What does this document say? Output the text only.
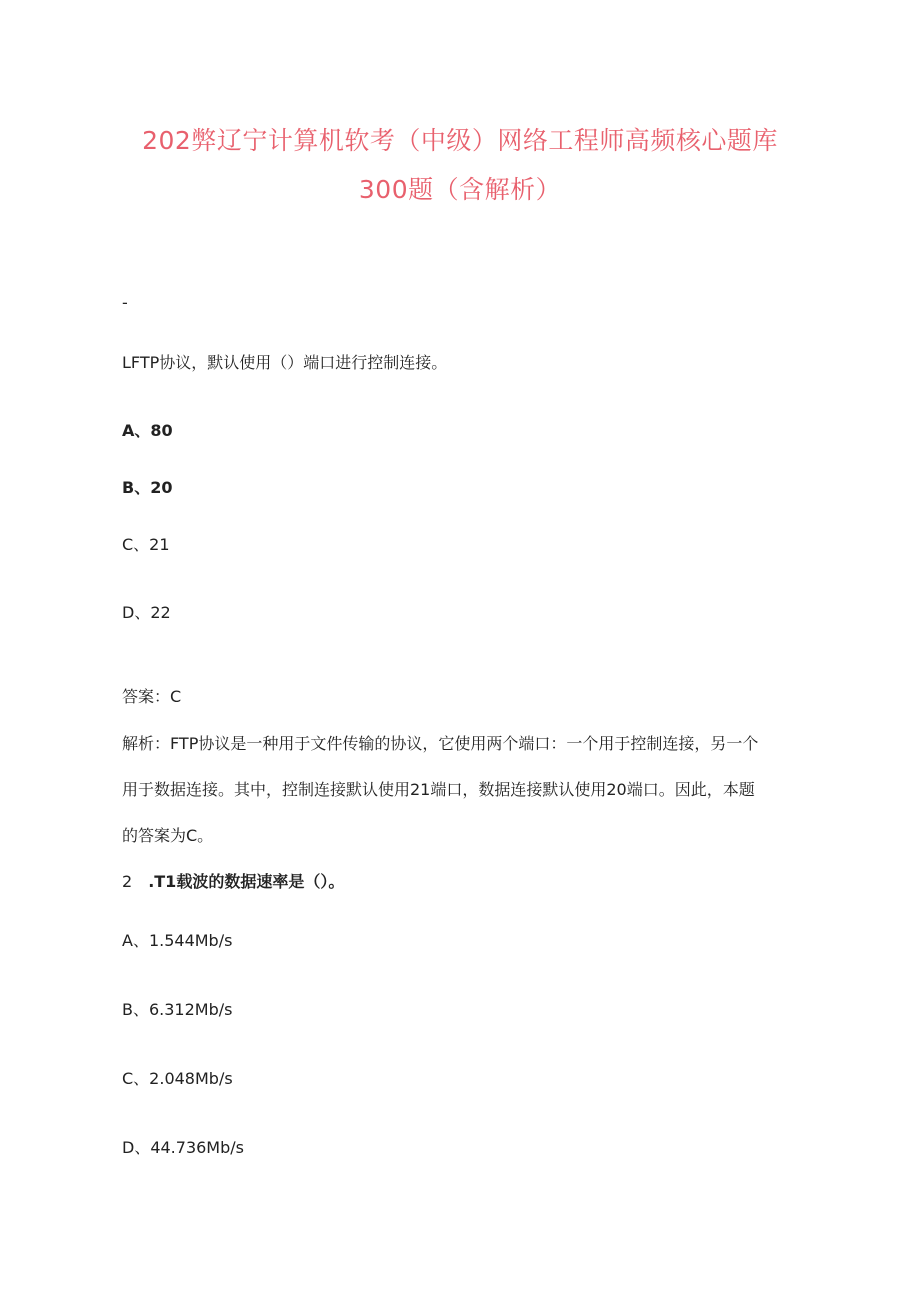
202弊辽宁计算机软考（中级）网络工程师高频核心题库
300题（含解析）
-
LFTP协议，默认使用（）端口进行控制连接。
A、80
B、20
C、21
D、22
答案：C
解析：FTP协议是一种用于文件传输的协议，它使用两个端口：一个用于控制连接，另一个
用于数据连接。其中，控制连接默认使用21端口，数据连接默认使用20端口。因此，本题
的答案为C。
2 .T1载波的数据速率是（）。
A、1.544Mb∕s
B、6.312Mb∕s
C、2.048Mb∕s
D、44.736Mb∕s
